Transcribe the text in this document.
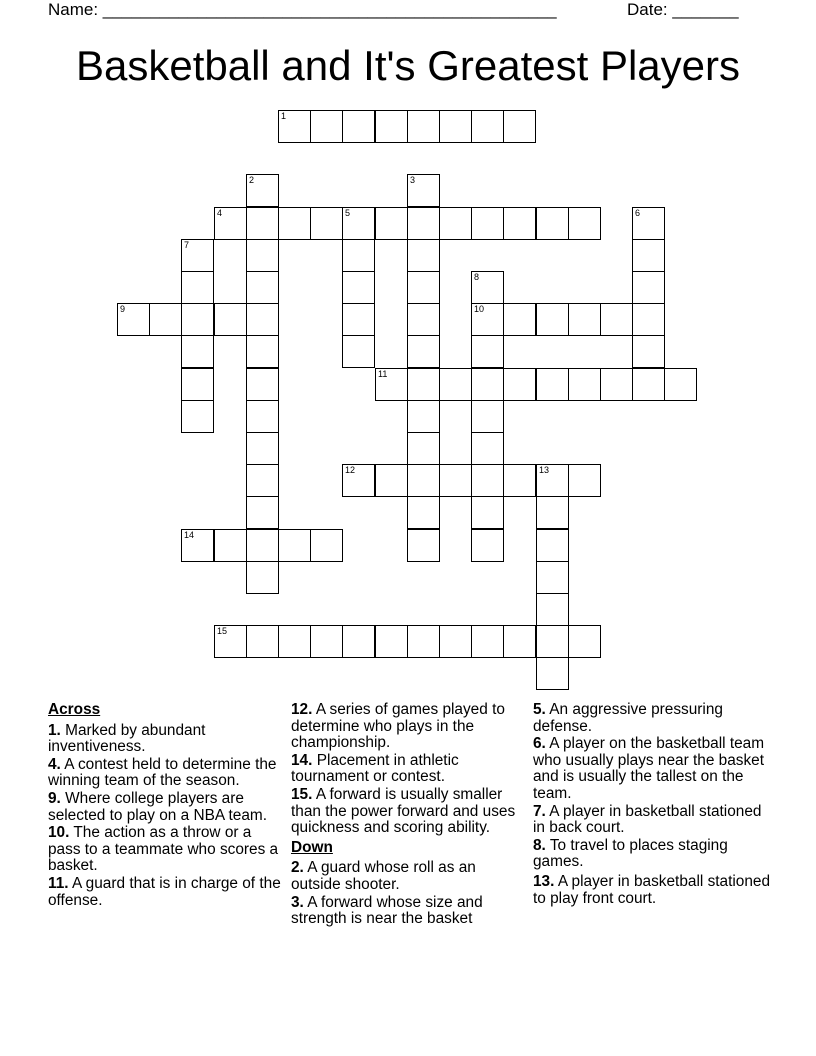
Name: ________________________________________________	Date: _______
Basketball and It's Greatest Players
1
2	3
4	5	6
7
8
10
9
11
12	13
14
15
Across
1. Marked by abundant inventiveness.
4. A contest held to determine the winning team of the season.
9. Where college players are selected to play on a NBA team.
10. The action as a throw or a pass to a teammate who scores a basket.
11. A guard that is in charge of the offense.
12. A series of games played to determine who plays in the championship.
14. Placement in athletic tournament or contest.
15. A forward is usually smaller than the power forward and uses quickness and scoring ability.
Down
2. A guard whose roll as an outside shooter.
3. A forward whose size and strength is near the basket
5. An aggressive pressuring defense.
6. A player on the basketball team who usually plays near the basket and is usually the tallest on the team.
7. A player in basketball stationed in back court.
8. To travel to places staging games.
13. A player in basketball stationed to play front court.
